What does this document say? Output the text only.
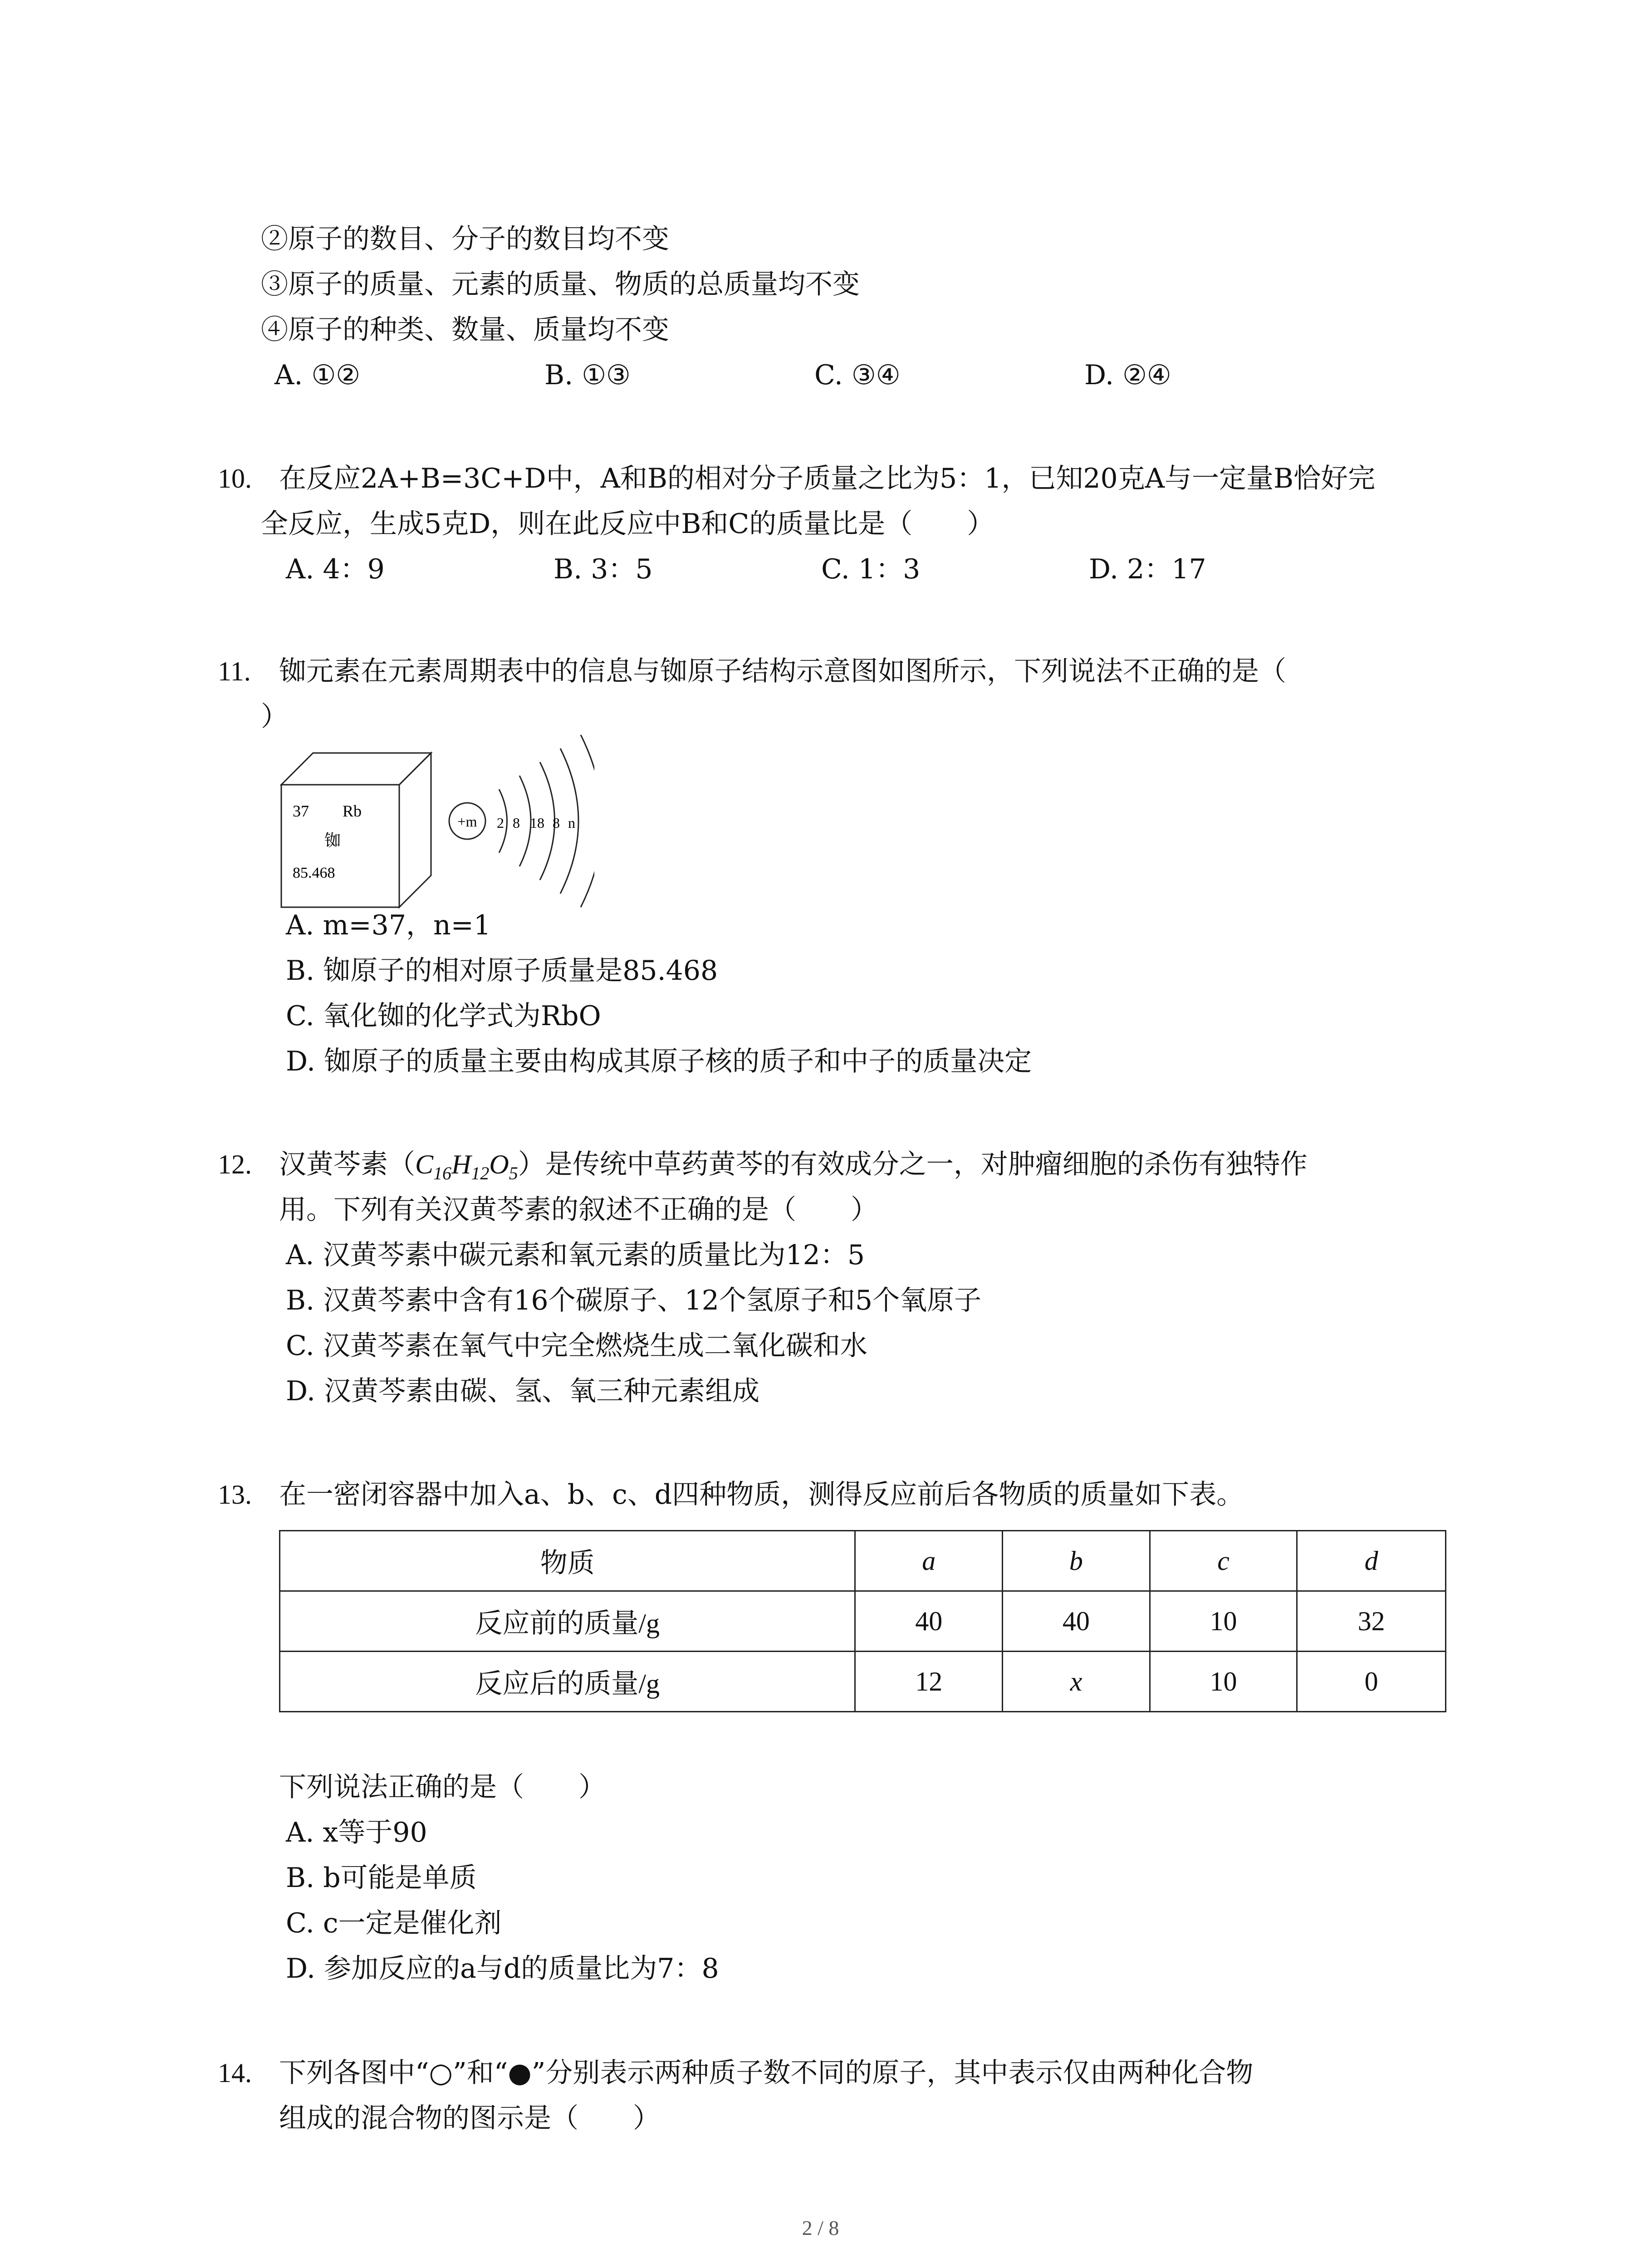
②原子的数目、分子的数目均不变
③原子的质量、元素的质量、物质的总质量均不变
④原子的种类、数量、质量均不变
A. ①②	B. ①③	C. ③④	D. ②④
10. 在反应2A+B=3C+D中，A和B的相对分子质量之比为5：1，已知20克A与一定量B恰好完
全反应，生成5克D，则在此反应中B和C的质量比是（　　）
A. 4：9	B. 3：5	C. 1：3	D. 2：17
11. 铷元素在元素周期表中的信息与铷原子结构示意图如图所示，下列说法不正确的是（
）
37 Rb
铷
85.468
+m 2 8 18 8 n
A. m=37，n=1
B. 铷原子的相对原子质量是85.468
C. 氧化铷的化学式为RbO
D. 铷原子的质量主要由构成其原子核的质子和中子的质量决定
12. 汉黄芩素$(C_{16}H_{12}O_5)$是传统中草药黄芩的有效成分之一，对肿瘤细胞的杀伤有独特作
用。下列有关汉黄芩素的叙述不正确的是（　　）
A. 汉黄芩素中碳元素和氧元素的质量比为12：5
B. 汉黄芩素中含有16个碳原子、12个氢原子和5个氧原子
C. 汉黄芩素在氧气中完全燃烧生成二氧化碳和水
D. 汉黄芩素由碳、氢、氧三种元素组成
13. 在一密闭容器中加入a、b、c、d四种物质，测得反应前后各物质的质量如下表。
物质	a	b	c	d
反应前的质量/g	40	40	10	32
反应后的质量/g	12	x	10	0
下列说法正确的是（　　）
A. x等于90
B. b可能是单质
C. c一定是催化剂
D. 参加反应的a与d的质量比为7：8
14. 下列各图中“○”和“●”分别表示两种质子数不同的原子，其中表示仅由两种化合物
组成的混合物的图示是（　　）
2 / 8
